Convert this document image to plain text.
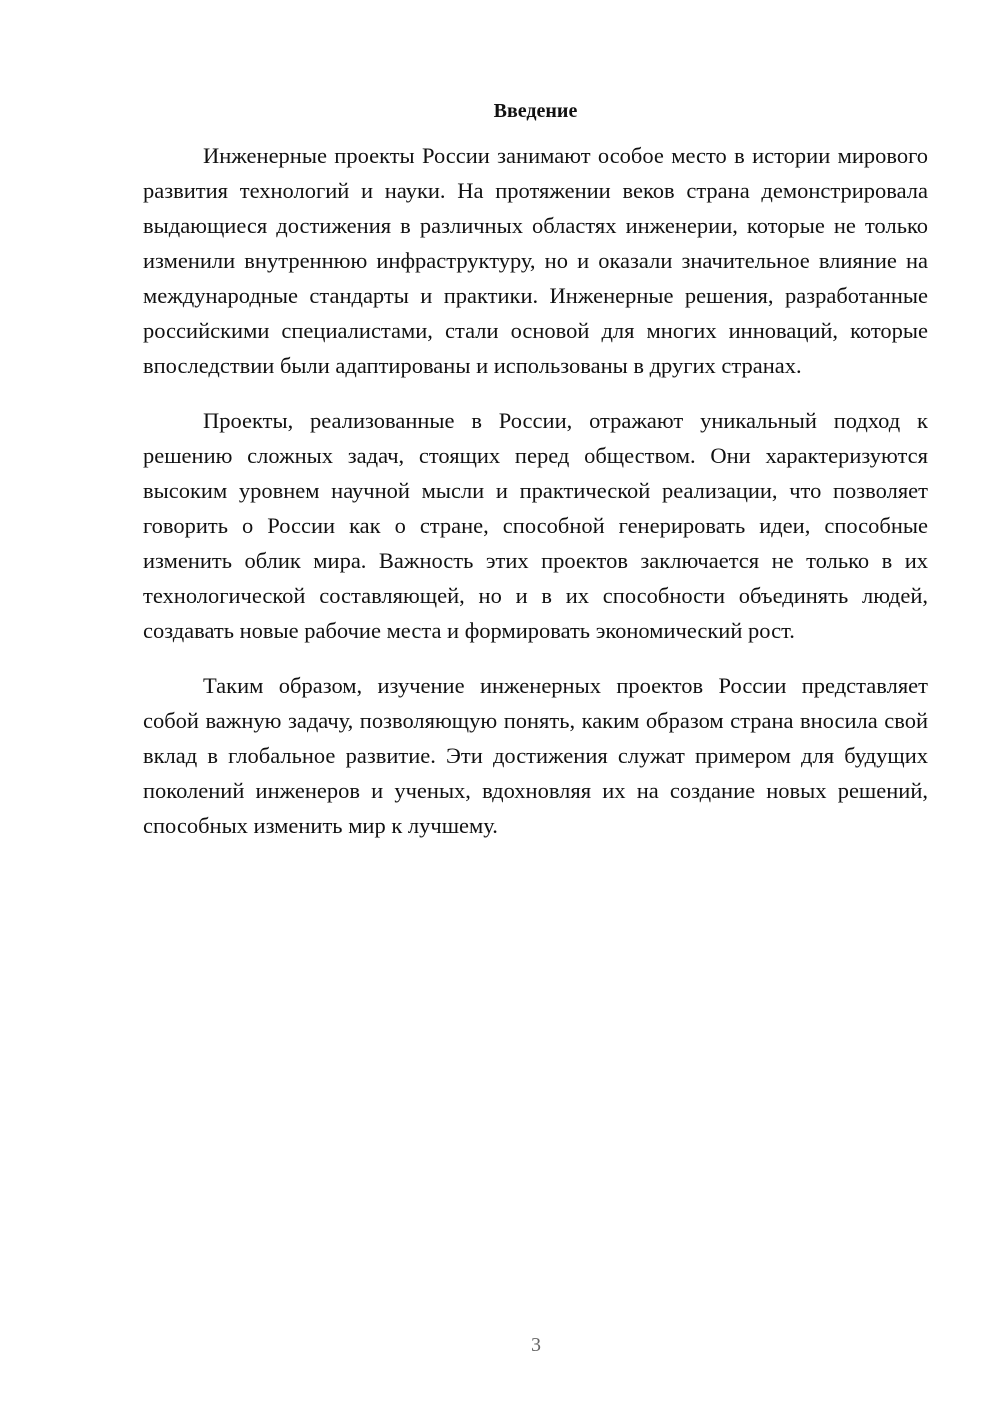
Введение

Инженерные проекты России занимают особое место в истории мирового развития технологий и науки. На протяжении веков страна демонстрировала выдающиеся достижения в различных областях инженерии, которые не только изменили внутреннюю инфраструктуру, но и оказали значительное влияние на международные стандарты и практики. Инженерные решения, разработанные российскими специалистами, стали основой для многих инноваций, которые впоследствии были адаптированы и использованы в других странах.

Проекты, реализованные в России, отражают уникальный подход к решению сложных задач, стоящих перед обществом. Они характеризуются высоким уровнем научной мысли и практической реализации, что позволяет говорить о России как о стране, способной генерировать идеи, способные изменить облик мира. Важность этих проектов заключается не только в их технологической составляющей, но и в их способности объединять людей, создавать новые рабочие места и формировать экономический рост.

Таким образом, изучение инженерных проектов России представляет собой важную задачу, позволяющую понять, каким образом страна вносила свой вклад в глобальное развитие. Эти достижения служат примером для будущих поколений инженеров и ученых, вдохновляя их на создание новых решений, способных изменить мир к лучшему.

3
